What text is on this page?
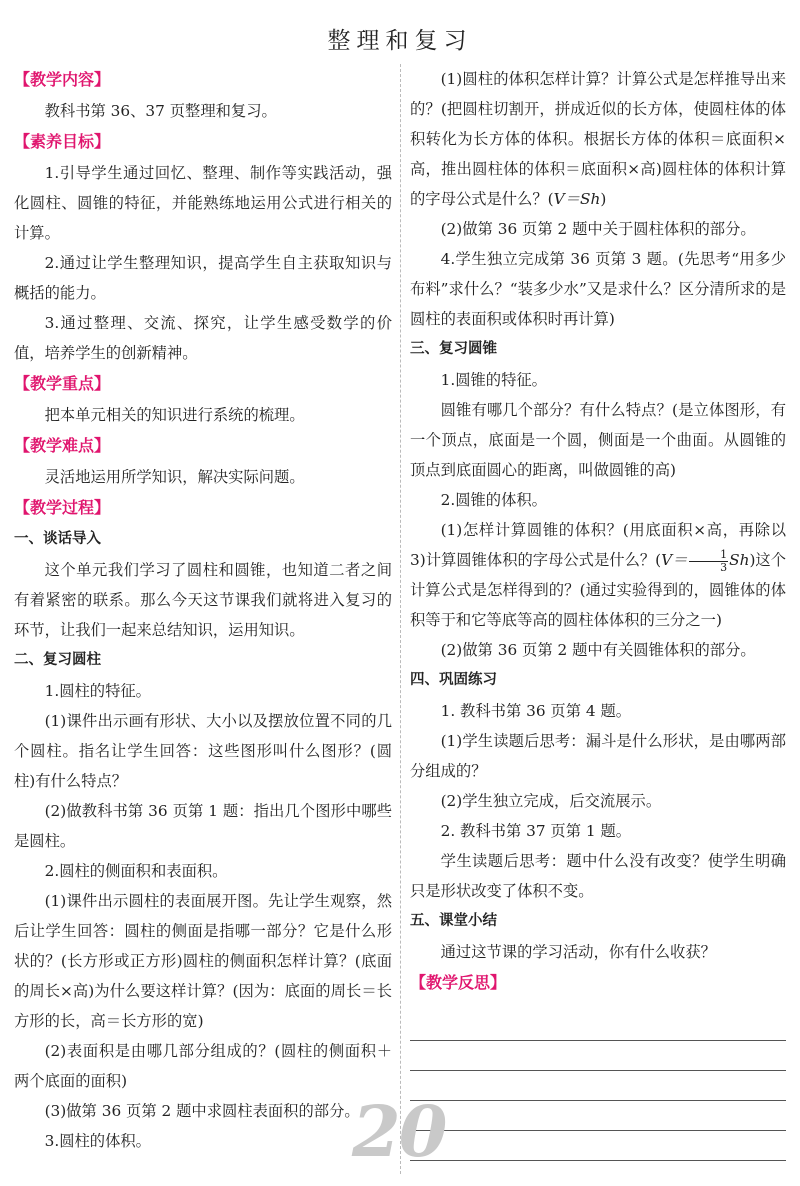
整理和复习
【教学内容】

教科书第 36、37 页整理和复习。

【素养目标】

1.引导学生通过回忆、整理、制作等实践活动，强化圆柱、圆锥的特征，并能熟练地运用公式进行相关的计算。

2.通过让学生整理知识，提高学生自主获取知识与概括的能力。

3.通过整理、交流、探究，让学生感受数学的价值，培养学生的创新精神。

【教学重点】

把本单元相关的知识进行系统的梳理。

【教学难点】

灵活地运用所学知识，解决实际问题。

【教学过程】
一、谈话导入

这个单元我们学习了圆柱和圆锥，也知道二者之间有着紧密的联系。那么今天这节课我们就将进入复习的环节，让我们一起来总结知识，运用知识。

二、复习圆柱

1.圆柱的特征。

(1)课件出示画有形状、大小以及摆放位置不同的几个圆柱。指名让学生回答：这些图形叫什么图形？(圆柱)有什么特点？

(2)做教科书第 36 页第 1 题：指出几个图形中哪些是圆柱。

2.圆柱的侧面积和表面积。

(1)课件出示圆柱的表面展开图。先让学生观察，然后让学生回答：圆柱的侧面是指哪一部分？它是什么形状的？(长方形或正方形)圆柱的侧面积怎样计算？(底面的周长×高)为什么要这样计算？(因为：底面的周长＝长方形的长，高＝长方形的宽)

(2)表面积是由哪几部分组成的？(圆柱的侧面积＋两个底面的面积)

(3)做第 36 页第 2 题中求圆柱表面积的部分。

3.圆柱的体积。

(1)圆柱的体积怎样计算？计算公式是怎样推导出来的？(把圆柱切割开，拼成近似的长方体，使圆柱体的体积转化为长方体的体积。根据长方体的体积＝底面积×高，推出圆柱体的体积＝底面积×高)圆柱体的体积计算的字母公式是什么？(V＝Sh)

(2)做第 36 页第 2 题中关于圆柱体积的部分。

4.学生独立完成第 36 页第 3 题。(先思考“用多少布料”求什么？“装多少水”又是求什么？区分清所求的是圆柱的表面积或体积时再计算)

三、复习圆锥

1.圆锥的特征。

圆锥有哪几个部分？有什么特点？(是立体图形，有一个顶点，底面是一个圆，侧面是一个曲面。从圆锥的顶点到底面圆心的距离，叫做圆锥的高)

2.圆锥的体积。

(1)怎样计算圆锥的体积？(用底面积×高，再除以 3)计算圆锥体积的字母公式是什么？$(V= \frac{1}{3} Sh)$这个计算公式是怎样得到的？(通过实验得到的，圆锥体的体积等于和它等底等高的圆柱体体积的三分之一)

(2)做第 36 页第 2 题中有关圆锥体积的部分。

四、巩固练习

1. 教科书第 36 页第 4 题。

(1)学生读题后思考：漏斗是什么形状，是由哪两部分组成的？

(2)学生独立完成，后交流展示。

2. 教科书第 37 页第 1 题。

学生读题后思考：题中什么没有改变？使学生明确只是形状改变了体积不变。

五、课堂小结

通过这节课的学习活动，你有什么收获？

【教学反思】
20
